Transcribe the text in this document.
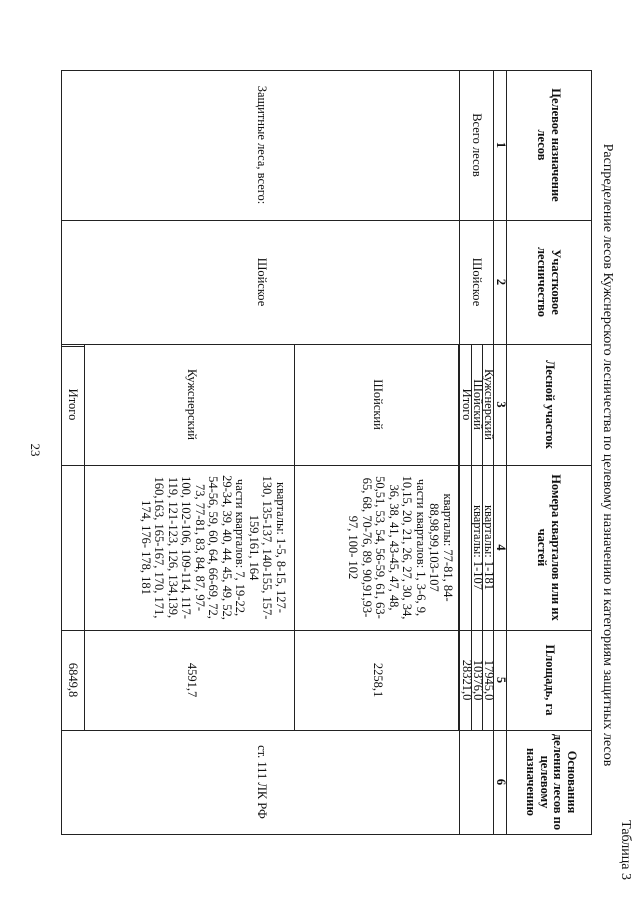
Таблица 3
Распределение лесов Кужснерского лесничества по целевому назначению и категориям защитных лесов
Целевое назначение лесов
Участковое лесничество
Лесной участок
Номера кварталов или их частей
Площадь, га
Основания деления лесов по целевому назначению
1
2
3
4
5
6
Всего лесов
Шойское
Кужснерский
кварталы: 1-181
17945,0
Шойский
кварталы: 1-107
10376,0
Итого
28321,0
Защитные леса, всего:
Шойское
ст. 111 ЛК РФ
Шойский
кварталы: 77-81, 84-
88,98,99,103-107
части кварталов: 1, 3-6, 9,
10,15, 20, 21, 26, 27, 30, 34,
36, 38, 41, 43-45, 47, 48,
50,51, 53, 54, 56-59, 61, 63-
65, 68, 70-76, 89, 90,91,93-
97, 100- 102
2258,1
Кужснерский
кварталы: 1-5, 8-15, 127-
130, 135-137, 140-155, 157-
159,161, 164
части кварталов: 7, 19-22,
29-34, 39, 40, 44, 45, 49, 52,
54-56, 59, 60, 64, 66-69, 72,
73, 77-81, 83, 84, 87, 97-
100, 102-106, 109-114, 117-
119, 121-123, 126, 134,139,
160,163, 165-167, 170, 171,
174, 176- 178, 181
4591,7
Итого
6849,8
23
